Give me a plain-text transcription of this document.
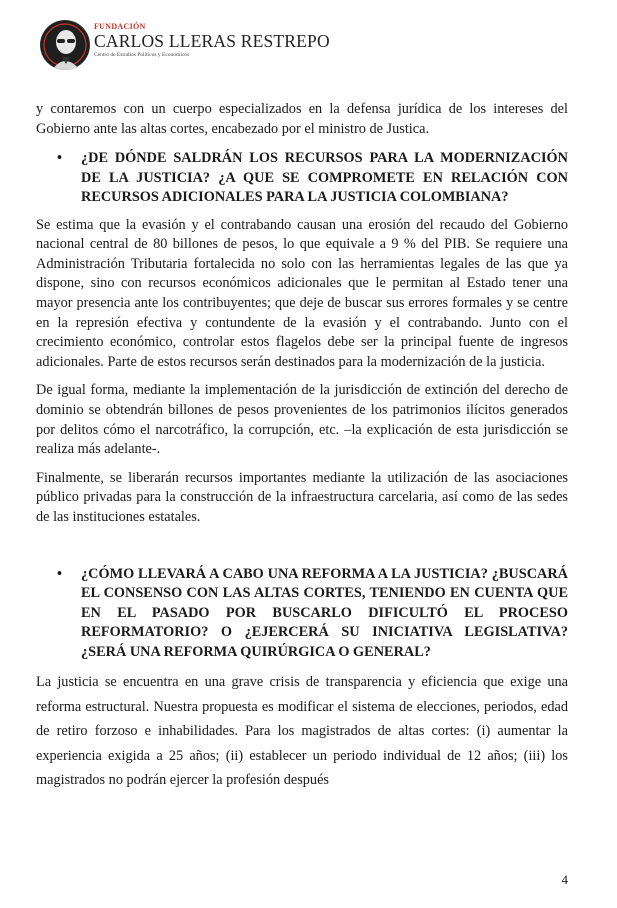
FUNDACIÓN
CARLOS LLERAS RESTREPO
Centro de Estudios Políticos y Económicos

y contaremos con un cuerpo especializados en la defensa jurídica de los intereses del Gobierno ante las altas cortes, encabezado por el ministro de Justica.

• ¿DE DÓNDE SALDRÁN LOS RECURSOS PARA LA MODERNIZACIÓN DE LA JUSTICIA? ¿A QUE SE COMPROMETE EN RELACIÓN CON RECURSOS ADICIONALES PARA LA JUSTICIA COLOMBIANA?

Se estima que la evasión y el contrabando causan una erosión del recaudo del Gobierno nacional central de 80 billones de pesos, lo que equivale a 9 % del PIB. Se requiere una Administración Tributaria fortalecida no solo con las herramientas legales de las que ya dispone, sino con recursos económicos adicionales que le permitan al Estado tener una mayor presencia ante los contribuyentes; que deje de buscar sus errores formales y se centre en la represión efectiva y contundente de la evasión y el contrabando. Junto con el crecimiento económico, controlar estos flagelos debe ser la principal fuente de ingresos adicionales. Parte de estos recursos serán destinados para la modernización de la justicia.

De igual forma, mediante la implementación de la jurisdicción de extinción del derecho de dominio se obtendrán billones de pesos provenientes de los patrimonios ilícitos generados por delitos cómo el narcotráfico, la corrupción, etc. –la explicación de esta jurisdicción se realiza más adelante-.

Finalmente, se liberarán recursos importantes mediante la utilización de las asociaciones público privadas para la construcción de la infraestructura carcelaria, así como de las sedes de las instituciones estatales.

• ¿CÓMO LLEVARÁ A CABO UNA REFORMA A LA JUSTICIA? ¿BUSCARÁ EL CONSENSO CON LAS ALTAS CORTES, TENIENDO EN CUENTA QUE EN EL PASADO POR BUSCARLO DIFICULTÓ EL PROCESO REFORMATORIO? O ¿EJERCERÁ SU INICIATIVA LEGISLATIVA? ¿SERÁ UNA REFORMA QUIRÚRGICA O GENERAL?

La justicia se encuentra en una grave crisis de transparencia y eficiencia que exige una reforma estructural. Nuestra propuesta es modificar el sistema de elecciones, periodos, edad de retiro forzoso e inhabilidades. Para los magistrados de altas cortes: (i) aumentar la experiencia exigida a 25 años; (ii) establecer un periodo individual de 12 años; (iii) los magistrados no podrán ejercer la profesión después

4
